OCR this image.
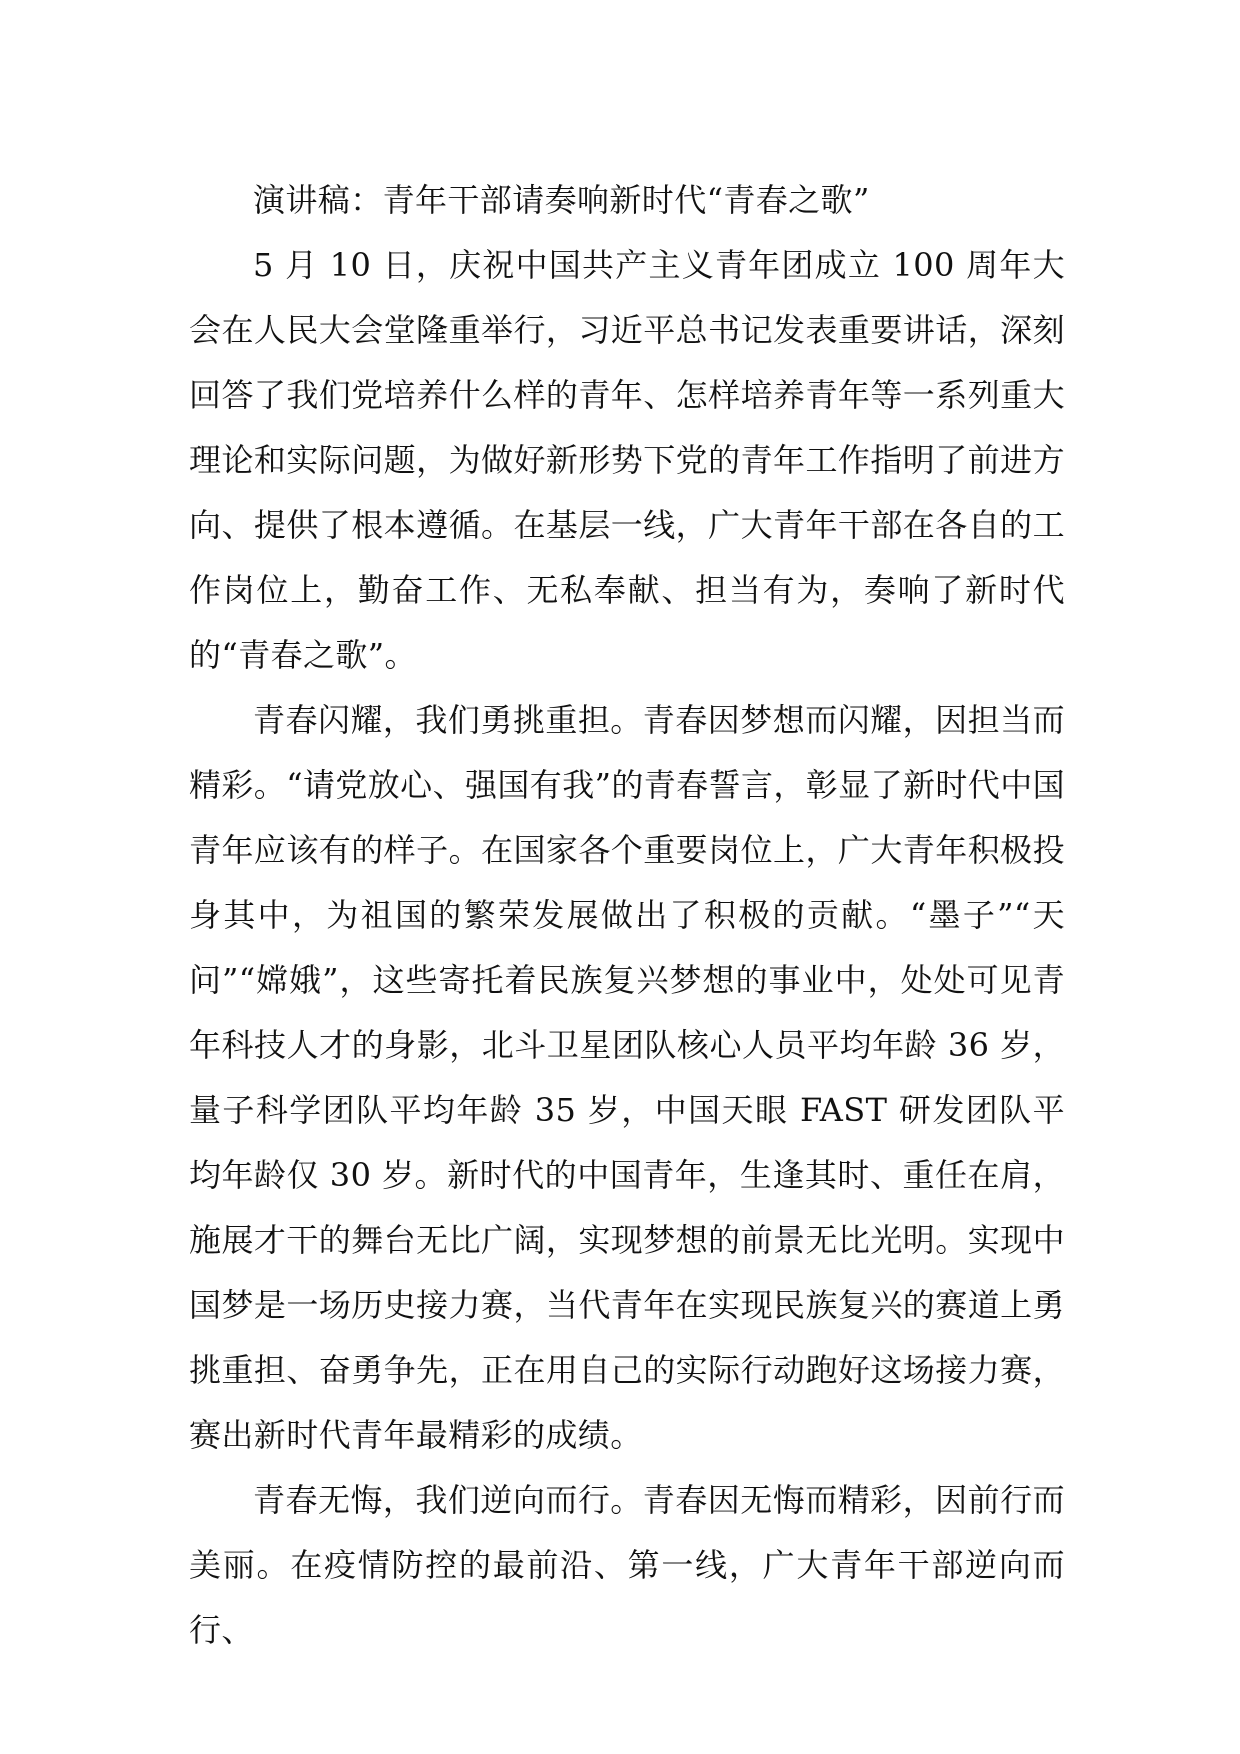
演讲稿：青年干部请奏响新时代“青春之歌”

5 月 10 日，庆祝中国共产主义青年团成立 100 周年大会在人民大会堂隆重举行，习近平总书记发表重要讲话，深刻回答了我们党培养什么样的青年、怎样培养青年等一系列重大理论和实际问题，为做好新形势下党的青年工作指明了前进方向、提供了根本遵循。在基层一线，广大青年干部在各自的工作岗位上，勤奋工作、无私奉献、担当有为，奏响了新时代的“青春之歌”。

青春闪耀，我们勇挑重担。青春因梦想而闪耀，因担当而精彩。“请党放心、强国有我”的青春誓言，彰显了新时代中国青年应该有的样子。在国家各个重要岗位上，广大青年积极投身其中，为祖国的繁荣发展做出了积极的贡献。“墨子”“天问”“嫦娥”，这些寄托着民族复兴梦想的事业中，处处可见青年科技人才的身影，北斗卫星团队核心人员平均年龄 36 岁，量子科学团队平均年龄 35 岁，中国天眼 FAST 研发团队平均年龄仅 30 岁。新时代的中国青年，生逢其时、重任在肩，施展才干的舞台无比广阔，实现梦想的前景无比光明。实现中国梦是一场历史接力赛，当代青年在实现民族复兴的赛道上勇挑重担、奋勇争先，正在用自己的实际行动跑好这场接力赛，赛出新时代青年最精彩的成绩。

青春无悔，我们逆向而行。青春因无悔而精彩，因前行而美丽。在疫情防控的最前沿、第一线，广大青年干部逆向而行、
